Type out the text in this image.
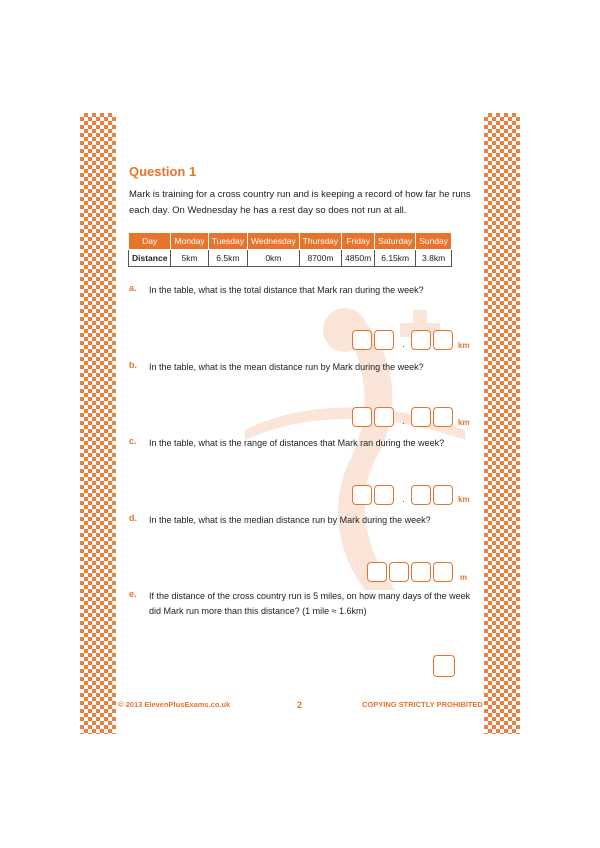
Question 1
Mark is training for a cross country run and is keeping a record of how far he runs each day. On Wednesday he has a rest day so does not run at all.
Day	Monday	Tuesday	Wednesday	Thursday	Friday	Saturday	Sunday
Distance	5km	6.5km	0km	8700m	4850m	6.15km	3.8km
a. In the table, what is the total distance that Mark ran during the week?
.	km
b. In the table, what is the mean distance run by Mark during the week?
.	km
c. In the table, what is the range of distances that Mark ran during the week?
.	km
d. In the table, what is the median distance run by Mark during the week?
m
e. If the distance of the cross country run is 5 miles, on how many days of the week did Mark run more than this distance? (1 mile ≈ 1.6km)
© 2013 ElevenPlusExams.co.uk	2	COPYING STRICTLY PROHIBITED
